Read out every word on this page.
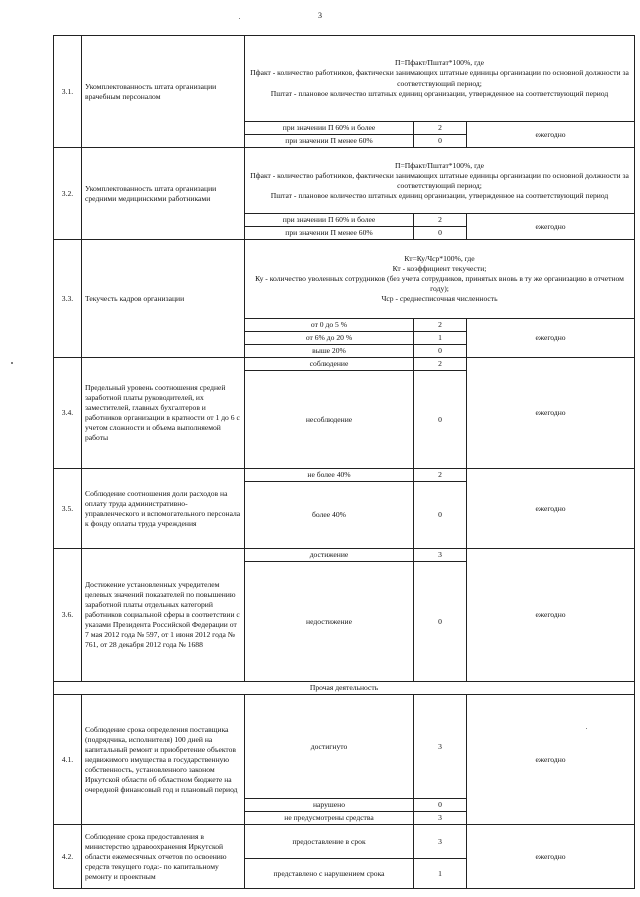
3
3.1.	Укомплектованность штата организации врачебным персоналом	П=Пфакт/Пштат*100%, где
Пфакт - количество работников, фактически занимающих штатные единицы организации по основной должности за соответствующий период;
Пштат - плановое количество штатных единиц организации, утвержденное на соответствующий период		

		при значении П 60% и более	2	ежегодно
		при значении П менее 60%	0	
3.2.	Укомплектованность штата организации средними медицинскими работниками	П=Пфакт/Пштат*100%, где
Пфакт - количество работников, фактически занимающих штатные единицы организации по основной должности за соответствующий период;
Пштат - плановое количество штатных единиц организации, утвержденное на соответствующий период		

		при значении П 60% и более	2	ежегодно
		при значении П менее 60%	0	
3.3.	Текучесть кадров организации	Кт=Ку/Чср*100%, где
Кт - коэффициент текучести;
Ку - количество уволенных сотрудников (без учета сотрудников, принятых вновь в ту же организацию в отчетном году);
Чср - среднесписочная численность		

		от 0 до 5 %	2	ежегодно
		от 6% до 20 %	1	
		выше 20%	0	
3.4.	Предельный уровень соотношения средней заработной платы руководителей, их заместителей, главных бухгалтеров и работников организации в кратности от 1 до 6 с учетом сложности и объема выполняемой работы	соблюдение	2	ежегодно
		несоблюдение	0	
3.5.	Соблюдение соотношения доли расходов на оплату труда административно-управленческого и вспомогательного персонала к фонду оплаты труда учреждения	не более 40%	2	ежегодно
		более 40%	0	
3.6.	Достижение установленных учредителем целевых значений показателей по повышению заработной платы отдельных категорий работников социальной сферы в соответствии с указами Президента Российской Федерации от 7 мая 2012 года № 597, от 1 июня 2012 года № 761, от 28 декабря 2012 года № 1688	достижение	3	ежегодно
		недостижение	0	
Прочая деятельность				
4.1.	Соблюдение срока определения поставщика (подрядчика, исполнителя) 100 дней на капитальный ремонт и приобретение объектов недвижимого имущества в государственную собственность, установленного законом Иркутской области об областном бюджете на очередной финансовый год и плановый период	достигнуто	3	ежегодно
		нарушено	0	
		не предусмотрены средства	3	
4.2.	Соблюдение срока предоставления в министерство здравоохранения Иркутской области ежемесячных отчетов по освоению средств текущего года:- по капитальному ремонту и проектным	предоставление в срок	3	ежегодно
		представлено с нарушением срока	1	
